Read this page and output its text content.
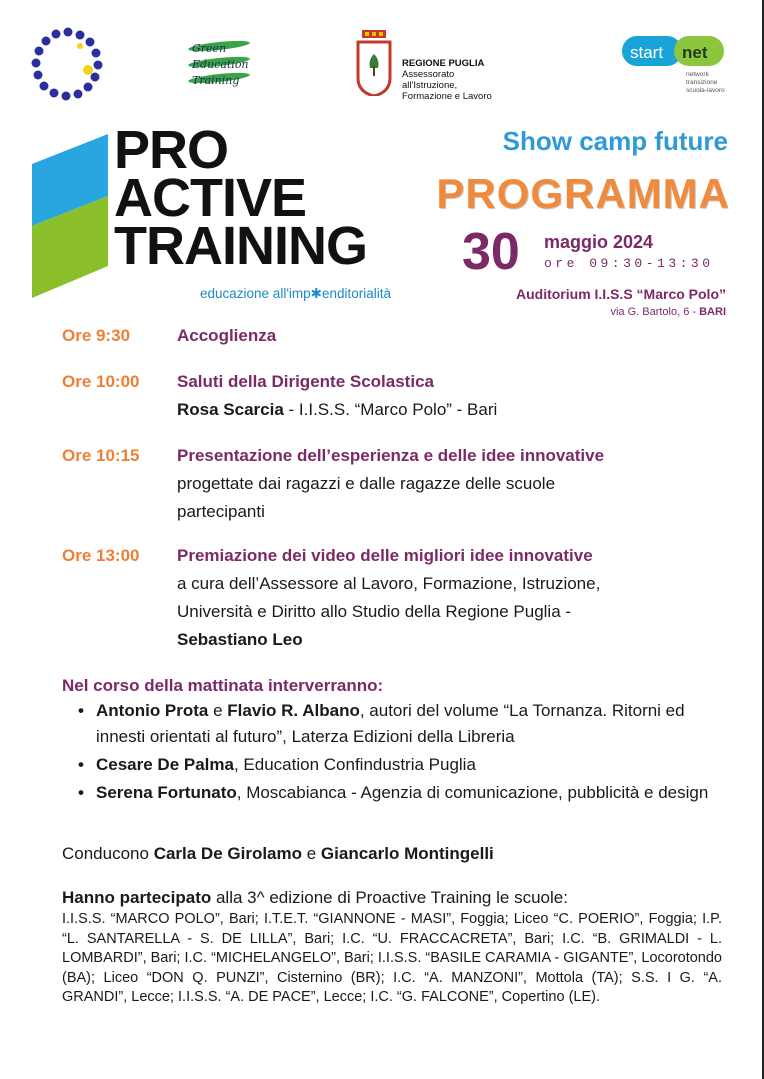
Green
Education
Training
REGIONE PUGLIA
Assessorato all'Istruzione,
Formazione e Lavoro
start net
network
transizione
scuola-lavoro
PRO
ACTIVE
TRAINING
educazione all'imp✱enditorialità
Show camp future
PROGRAMMA
30 maggio 2024
ore 09:30-13:30
Auditorium I.I.S.S “Marco Polo”
via G. Bartolo, 6 - BARI
Ore 9:30	Accoglienza
Ore 10:00 Saluti della Dirigente Scolastica
Rosa Scarcia - I.I.S.S. “Marco Polo” - Bari
Ore 10:15 Presentazione dell’esperienza e delle idee innovative
progettate dai ragazzi e dalle ragazze delle scuole
partecipanti
Ore 13:00 Premiazione dei video delle migliori idee innovative
a cura dell’Assessore al Lavoro, Formazione, Istruzione,
Università e Diritto allo Studio della Regione Puglia -
Sebastiano Leo
Nel corso della mattinata interverranno:
• Antonio Prota e Flavio R. Albano, autori del volume “La Tornanza. Ritorni ed innesti orientati al futuro”, Laterza Edizioni della Libreria
• Cesare De Palma, Education Confindustria Puglia
• Serena Fortunato, Moscabianca - Agenzia di comunicazione, pubblicità e design
Conducono Carla De Girolamo e Giancarlo Montingelli
Hanno partecipato alla 3^ edizione di Proactive Training le scuole:
I.I.S.S. “MARCO POLO”, Bari; I.T.E.T. “GIANNONE - MASI”, Foggia; Liceo “C. POERIO”, Foggia; I.P. “L. SANTARELLA - S. DE LILLA”, Bari; I.C. “U. FRACCACRETA”, Bari; I.C. “B. GRIMALDI - L. LOMBARDI”, Bari; I.C. “MICHELANGELO”, Bari; I.I.S.S. “BASILE CARAMIA - GIGANTE”, Locorotondo (BA); Liceo “DON Q. PUNZI”, Cisternino (BR); I.C. “A. MANZONI”, Mottola (TA); S.S. I G. “A. GRANDI”, Lecce; I.I.S.S. “A. DE PACE”, Lecce; I.C. “G. FALCONE”, Copertino (LE).
